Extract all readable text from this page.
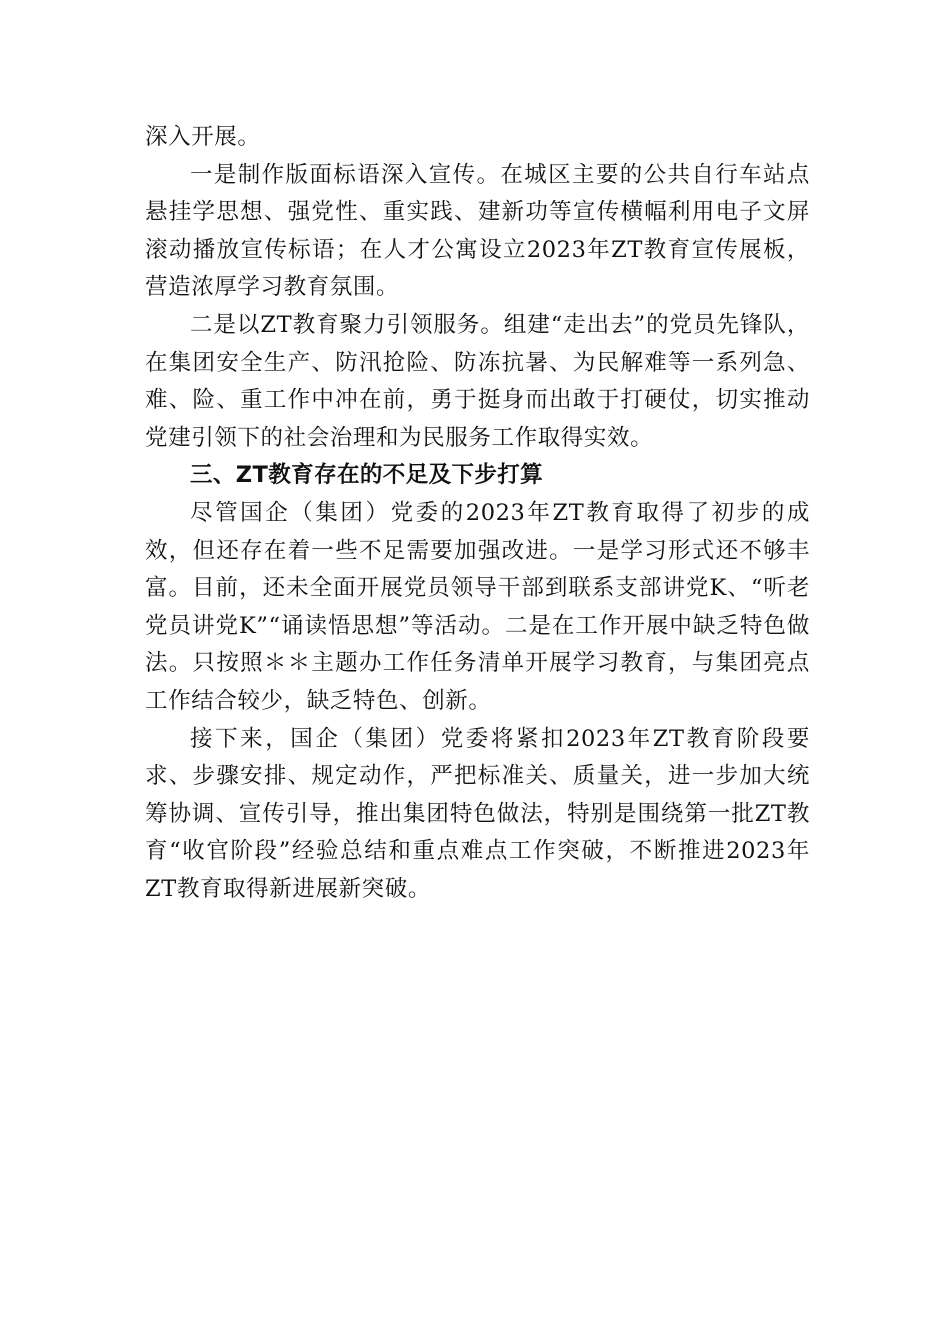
深入开展。

一是制作版面标语深入宣传。在城区主要的公共自行车站点悬挂学思想、强党性、重实践、建新功等宣传横幅利用电子文屏滚动播放宣传标语；在人才公寓设立2023年ZT教育宣传展板，营造浓厚学习教育氛围。

二是以ZT教育聚力引领服务。组建“走出去”的党员先锋队，在集团安全生产、防汛抢险、防冻抗暑、为民解难等一系列急、难、险、重工作中冲在前，勇于挺身而出敢于打硬仗，切实推动党建引领下的社会治理和为民服务工作取得实效。

三、ZT教育存在的不足及下步打算

尽管国企（集团）党委的2023年ZT教育取得了初步的成效，但还存在着一些不足需要加强改进。一是学习形式还不够丰富。目前，还未全面开展党员领导干部到联系支部讲党K、“听老党员讲党K”“诵读悟思想”等活动。二是在工作开展中缺乏特色做法。只按照＊＊主题办工作任务清单开展学习教育，与集团亮点工作结合较少，缺乏特色、创新。

接下来，国企（集团）党委将紧扣2023年ZT教育阶段要求、步骤安排、规定动作，严把标准关、质量关，进一步加大统筹协调、宣传引导，推出集团特色做法，特别是围绕第一批ZT教育“收官阶段”经验总结和重点难点工作突破，不断推进2023年ZT教育取得新进展新突破。
